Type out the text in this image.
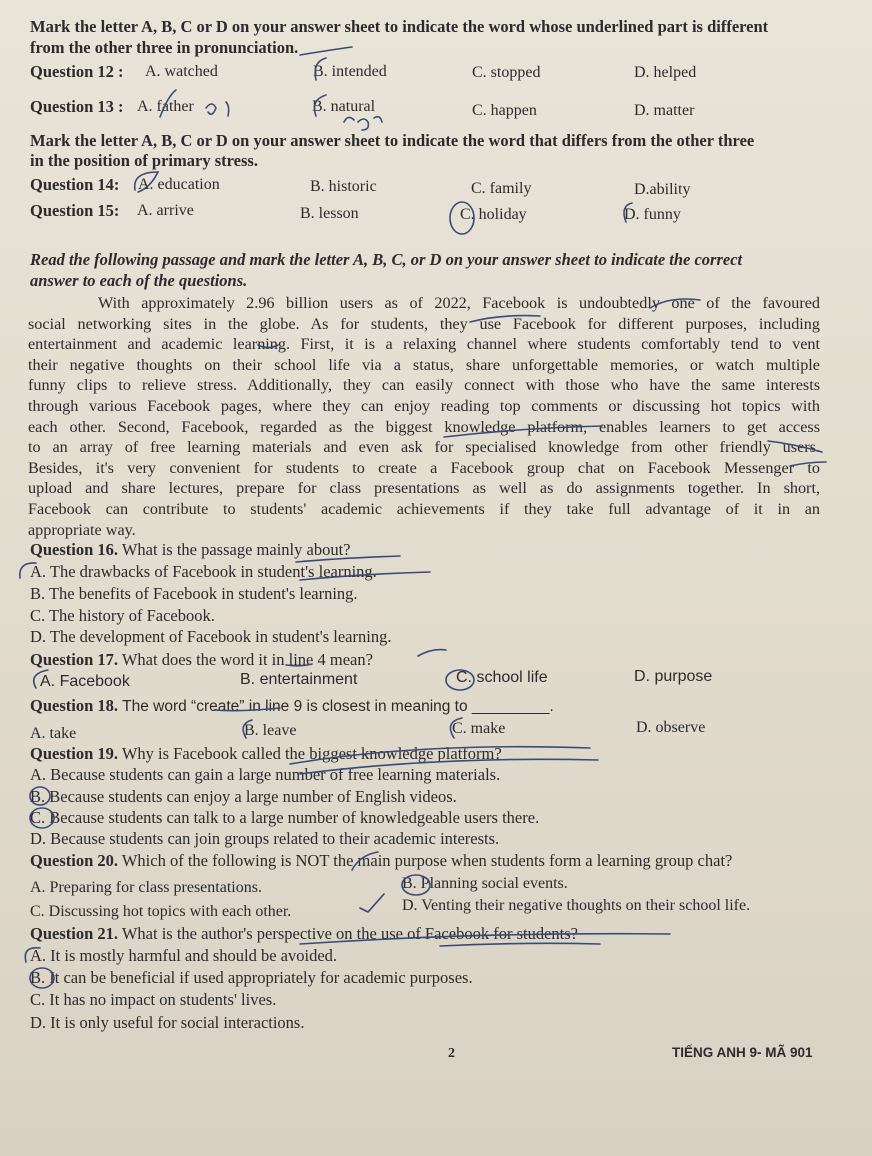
Mark the letter A, B, C or D on your answer sheet to indicate the word whose underlined part is different
from the other three in pronunciation.
Question 12 : A. watched	B. intended	C. stopped	D. helped
Question 13 : A. father	B. natural	C. happen	D. matter
Mark the letter A, B, C or D on your answer sheet to indicate the word that differs from the other three
in the position of primary stress.
Question 14: A. education	B. historic	C. family	D.ability
Question 15: A. arrive	B. lesson	C. holiday	D. funny
Read the following passage and mark the letter A, B, C, or D on your answer sheet to indicate the correct
answer to each of the questions.
With approximately 2.96 billion users as of 2022, Facebook is undoubtedly one of the favoured
social networking sites in the globe. As for students, they use Facebook for different purposes, including
entertainment and academic learning. First, it is a relaxing channel where students comfortably tend to vent
their negative thoughts on their school life via a status, share unforgettable memories, or watch multiple
funny clips to relieve stress. Additionally, they can easily connect with those who have the same interests
through various Facebook pages, where they can enjoy reading top comments or discussing hot topics with
each other. Second, Facebook, regarded as the biggest knowledge platform, enables learners to get access
to an array of free learning materials and even ask for specialised knowledge from other friendly users.
Besides, it's very convenient for students to create a Facebook group chat on Facebook Messenger to
upload and share lectures, prepare for class presentations as well as do assignments together. In short,
Facebook can contribute to students' academic achievements if they take full advantage of it in an
appropriate way.
Question 16. What is the passage mainly about?
A. The drawbacks of Facebook in student's learning.
B. The benefits of Facebook in student's learning.
C. The history of Facebook.
D. The development of Facebook in student's learning.
Question 17. What does the word it in line 4 mean?
A. Facebook	B. entertainment	C. school life	D. purpose
Question 18. The word “create” in line 9 is closest in meaning to _________.
A. take	B. leave	C. make	D. observe
Question 19. Why is Facebook called the biggest knowledge platform?
A. Because students can gain a large number of free learning materials.
B. Because students can enjoy a large number of English videos.
C. Because students can talk to a large number of knowledgeable users there.
D. Because students can join groups related to their academic interests.
Question 20. Which of the following is NOT the main purpose when students form a learning group chat?
A. Preparing for class presentations.	B. Planning social events.
C. Discussing hot topics with each other.	D. Venting their negative thoughts on their school life.
Question 21. What is the author's perspective on the use of Facebook for students?
A. It is mostly harmful and should be avoided.
B. It can be beneficial if used appropriately for academic purposes.
C. It has no impact on students' lives.
D. It is only useful for social interactions.
2	TIẾNG ANH 9- MÃ 901
